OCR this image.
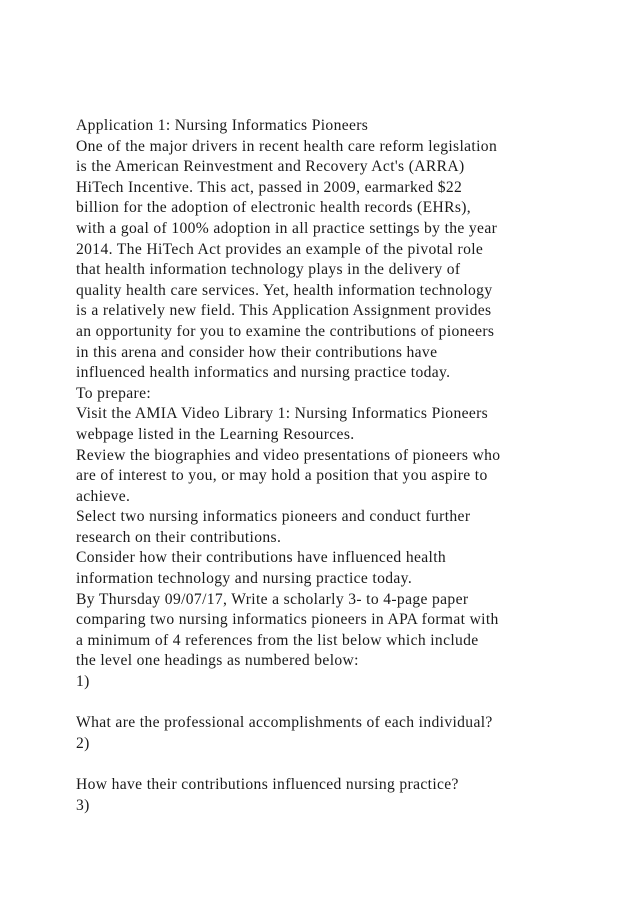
Application 1: Nursing Informatics Pioneers
One of the major drivers in recent health care reform legislation
is the American Reinvestment and Recovery Act's (ARRA)
HiTech Incentive. This act, passed in 2009, earmarked $22
billion for the adoption of electronic health records (EHRs),
with a goal of 100% adoption in all practice settings by the year
2014. The HiTech Act provides an example of the pivotal role
that health information technology plays in the delivery of
quality health care services. Yet, health information technology
is a relatively new field. This Application Assignment provides
an opportunity for you to examine the contributions of pioneers
in this arena and consider how their contributions have
influenced health informatics and nursing practice today.
To prepare:
Visit the AMIA Video Library 1: Nursing Informatics Pioneers
webpage listed in the Learning Resources.
Review the biographies and video presentations of pioneers who
are of interest to you, or may hold a position that you aspire to
achieve.
Select two nursing informatics pioneers and conduct further
research on their contributions.
Consider how their contributions have influenced health
information technology and nursing practice today.
By Thursday 09/07/17, Write a scholarly 3- to 4-page paper
comparing two nursing informatics pioneers in APA format with
a minimum of 4 references from the list below which include
the level one headings as numbered below:
1)
What are the professional accomplishments of each individual?
2)
How have their contributions influenced nursing practice?
3)
